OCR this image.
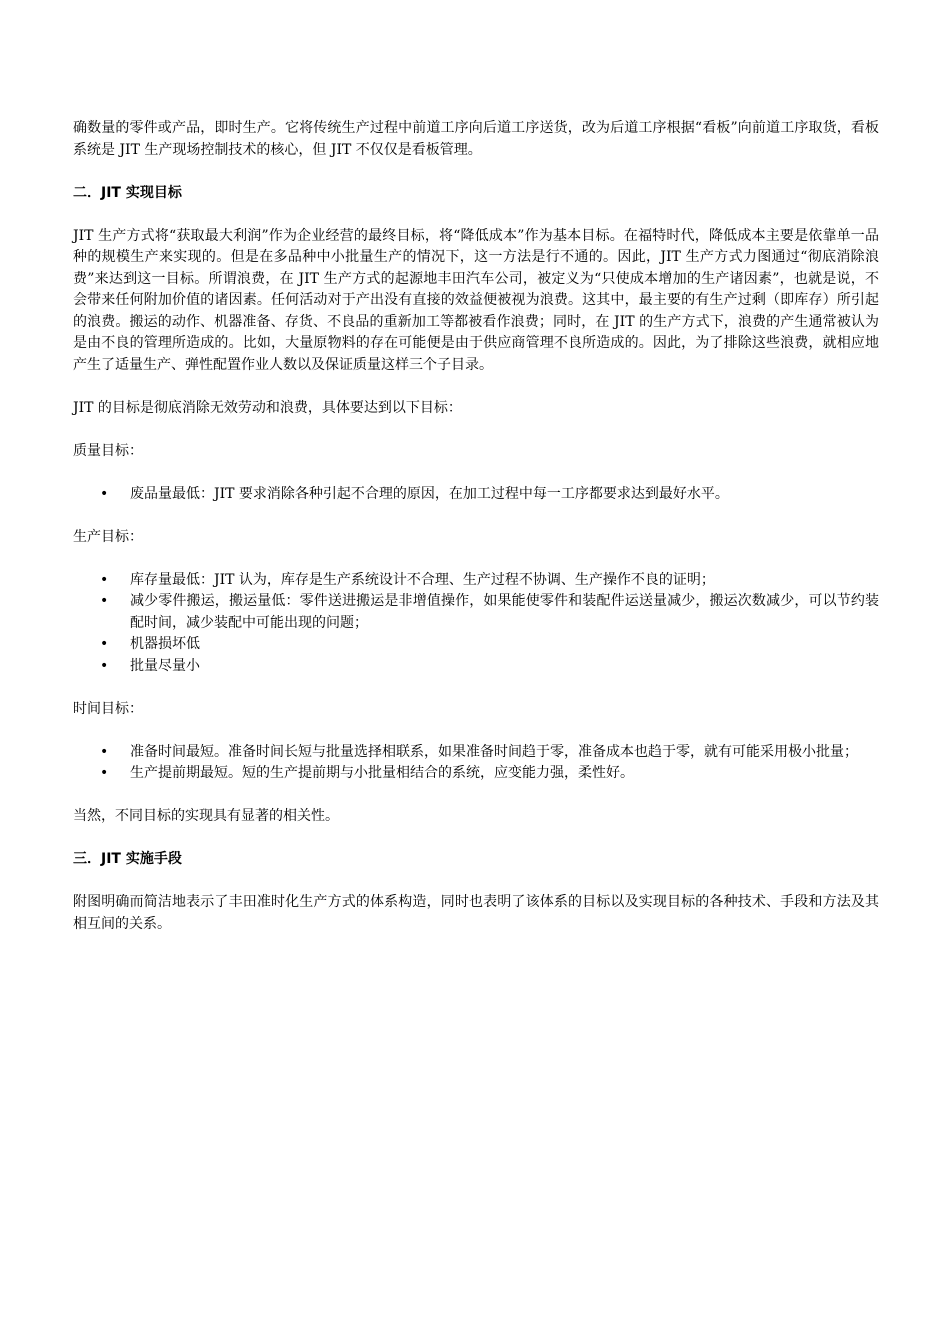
确数量的零件或产品，即时生产。它将传统生产过程中前道工序向后道工序送货，改为后道工序根据“看板”向前道工序取货，看板系统是 JIT 生产现场控制技术的核心，但 JIT 不仅仅是看板管理。

二．JIT 实现目标

JIT 生产方式将“获取最大利润”作为企业经营的最终目标，将“降低成本”作为基本目标。在福特时代，降低成本主要是依靠单一品种的规模生产来实现的。但是在多品种中小批量生产的情况下，这一方法是行不通的。因此，JIT 生产方式力图通过“彻底消除浪费”来达到这一目标。所谓浪费，在 JIT 生产方式的起源地丰田汽车公司，被定义为“只使成本增加的生产诸因素”，也就是说，不会带来任何附加价值的诸因素。任何活动对于产出没有直接的效益便被视为浪费。这其中，最主要的有生产过剩（即库存）所引起的浪费。搬运的动作、机器准备、存货、不良品的重新加工等都被看作浪费；同时，在 JIT 的生产方式下，浪费的产生通常被认为是由不良的管理所造成的。比如，大量原物料的存在可能便是由于供应商管理不良所造成的。因此，为了排除这些浪费，就相应地产生了适量生产、弹性配置作业人数以及保证质量这样三个子目录。

JIT 的目标是彻底消除无效劳动和浪费，具体要达到以下目标：

质量目标：

• 废品量最低：JIT 要求消除各种引起不合理的原因，在加工过程中每一工序都要求达到最好水平。

生产目标：

• 库存量最低：JIT 认为，库存是生产系统设计不合理、生产过程不协调、生产操作不良的证明；
• 减少零件搬运，搬运量低：零件送进搬运是非增值操作，如果能使零件和装配件运送量减少，搬运次数减少，可以节约装配时间，减少装配中可能出现的问题；
• 机器损坏低
• 批量尽量小

时间目标：

• 准备时间最短。准备时间长短与批量选择相联系，如果准备时间趋于零，准备成本也趋于零，就有可能采用极小批量；
• 生产提前期最短。短的生产提前期与小批量相结合的系统，应变能力强，柔性好。

当然，不同目标的实现具有显著的相关性。

三．JIT 实施手段

附图明确而简洁地表示了丰田准时化生产方式的体系构造，同时也表明了该体系的目标以及实现目标的各种技术、手段和方法及其相互间的关系。
